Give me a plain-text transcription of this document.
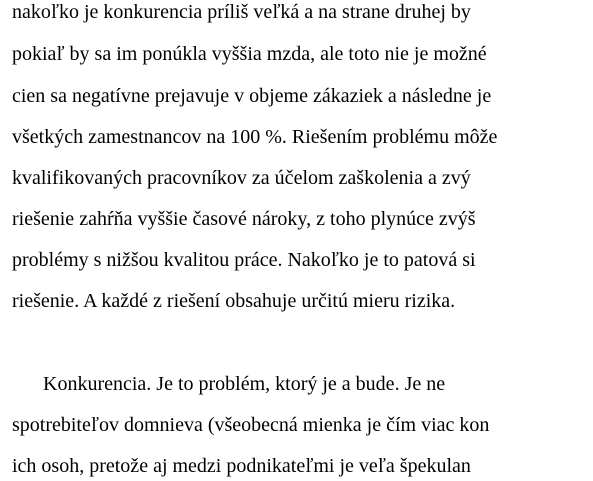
nakoľko je konkurencia príliš veľká a na strane druhej by
pokiaľ by sa im ponúkla vyššia mzda, ale toto nie je možné
cien sa negatívne prejavuje v objeme zákaziek a následne je
všetkých zamestnancov na 100 %. Riešením problému môže
kvalifikovaných pracovníkov za účelom zaškolenia a zvý
riešenie zahŕňa vyššie časové nároky, z toho plynúce zvýš
problémy s nižšou kvalitou práce. Nakoľko je to patová si
riešenie. A každé z riešení obsahuje určitú mieru rizika.
Konkurencia. Je to problém, ktorý je a bude. Je ne
spotrebiteľov domnieva (všeobecná mienka je čím viac kon
ich osoh, pretože aj medzi podnikateľmi je veľa špekulan
